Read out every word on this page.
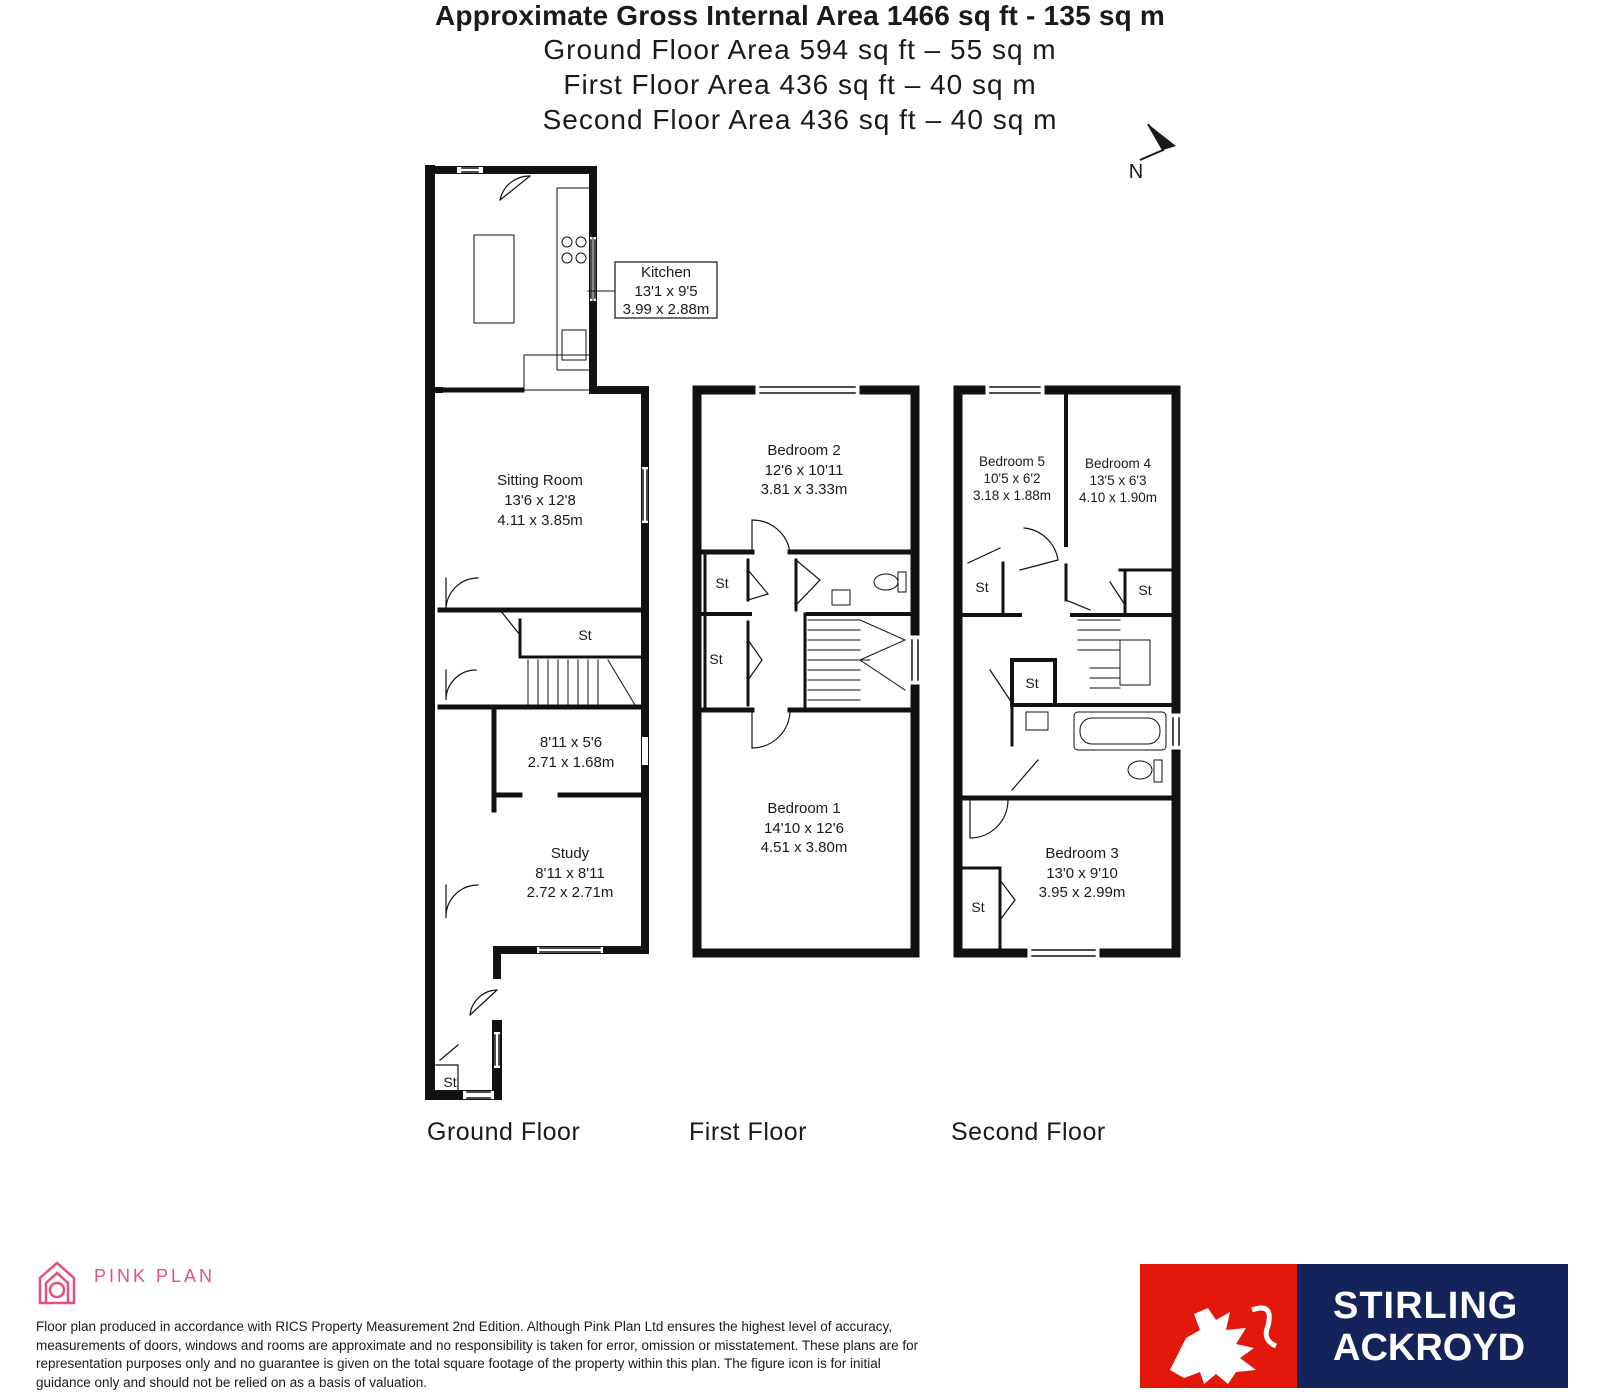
Approximate Gross Internal Area 1466 sq ft - 135 sq m
Ground Floor Area 594 sq ft – 55 sq m
First Floor Area 436 sq ft – 40 sq m
Second Floor Area 436 sq ft – 40 sq m
N
Kitchen
13'1 x 9'5
3.99 x 2.88m
Sitting Room
13'6 x 12'8
4.11 x 3.85m
St
8'11 x 5'6
2.71 x 1.68m
Study
8'11 x 8'11
2.72 x 2.71m
St
Bedroom 2
12'6 x 10'11
3.81 x 3.33m
St
St
Bedroom 1
14'10 x 12'6
4.51 x 3.80m
Bedroom 5
10'5 x 6'2
3.18 x 1.88m
Bedroom 4
13'5 x 6'3
4.10 x 1.90m
St	St
St
Bedroom 3
13'0 x 9'10
3.95 x 2.99m
St
Ground Floor	First Floor	Second Floor
PINK PLAN
Floor plan produced in accordance with RICS Property Measurement 2nd Edition. Although Pink Plan Ltd ensures the highest level of accuracy, measurements of doors, windows and rooms are approximate and no responsibility is taken for error, omission or misstatement. These plans are for representation purposes only and no guarantee is given on the total square footage of the property within this plan. The figure icon is for initial guidance only and should not be relied on as a basis of valuation.
STIRLING
ACKROYD
